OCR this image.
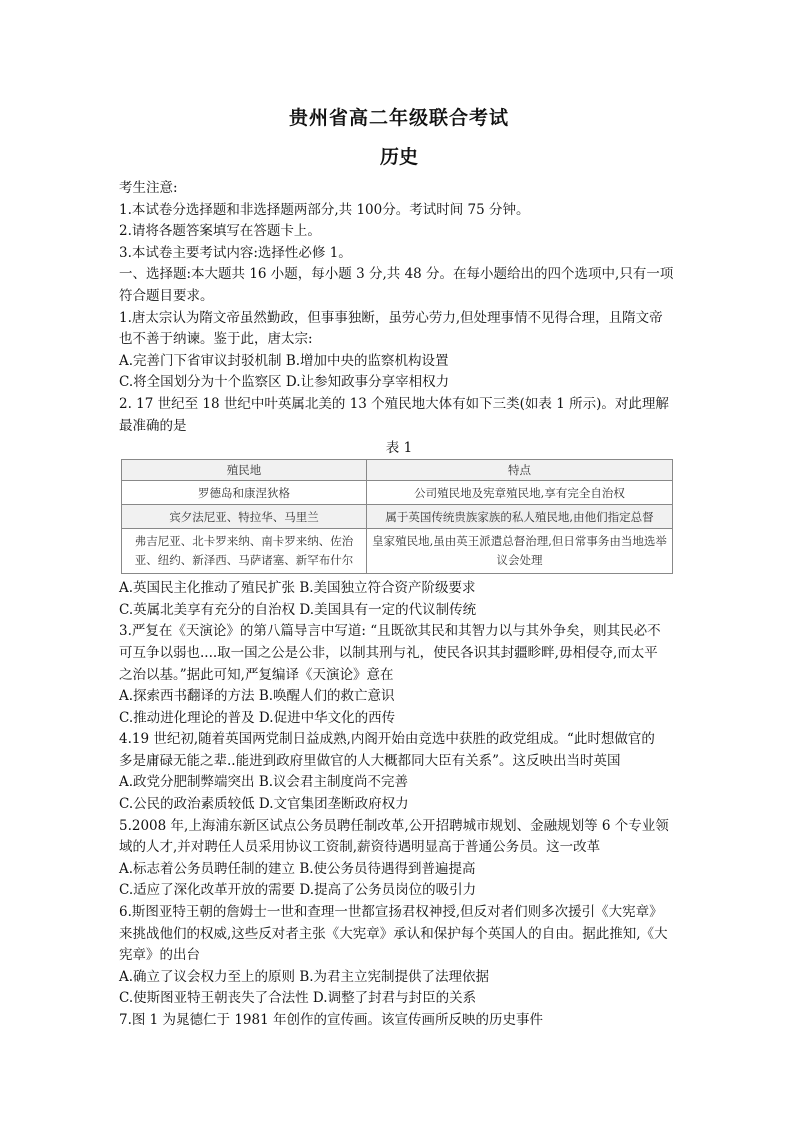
贵州省高二年级联合考试

历史

考生注意:

1.本试卷分选择题和非选择题两部分,共 100分。考试时间 75 分钟。

2.请将各题答案填写在答题卡上。

3.本试卷主要考试内容:选择性必修 1。

一、选择题:本大题共 16 小题，每小题 3 分,共 48 分。在每小题给出的四个选项中,只有一项

符合题目要求。

1.唐太宗认为隋文帝虽然勤政，但事事独断，虽劳心劳力,但处理事情不见得合理，且隋文帝

也不善于纳谏。鉴于此，唐太宗:

A.完善门下省审议封驳机制 B.增加中央的监察机构设置

C.将全国划分为十个监察区 D.让参知政事分享宰相权力

2. 17 世纪至 18 世纪中叶英属北美的 13 个殖民地大体有如下三类(如表 1 所示)。对此理解

最准确的是

表 1

殖民地	特点
罗德岛和康涅狄格	公司殖民地及宪章殖民地,享有完全自治权
宾夕法尼亚、特拉华、马里兰	属于英国传统贵族家族的私人殖民地,由他们指定总督
弗吉尼亚、北卡罗来纳、南卡罗来纳、佐治亚、纽约、新泽西、马萨诸塞、新罕布什尔	皇家殖民地,虽由英王派遣总督治理,但日常事务由当地选举议会处理

A.英国民主化推动了殖民扩张 B.美国独立符合资产阶级要求

C.英属北美享有充分的自治权 D.美国具有一定的代议制传统

3.严复在《天演论》的第八篇导言中写道: “且既欲其民和其智力以与其外争矣，则其民必不

可互争以弱也....取一国之公是公非，以制其刑与礼，使民各识其封疆畛畔,毋相侵夺,而太平

之治以基。”据此可知,严复编译《天演论》意在

A.探索西书翻译的方法 B.唤醒人们的救亡意识

C.推动进化理论的普及 D.促进中华文化的西传

4.19 世纪初,随着英国两党制日益成熟,内阁开始由竞选中获胜的政党组成。“此时想做官的

多是庸碌无能之辈..能进到政府里做官的人大概都同大臣有关系”。这反映出当时英国

A.政党分肥制弊端突出 B.议会君主制度尚不完善

C.公民的政治素质较低 D.文官集团垄断政府权力

5.2008 年,上海浦东新区试点公务员聘任制改革,公开招聘城市规划、金融规划等 6 个专业领

域的人才,并对聘任人员采用协议工资制,薪资待遇明显高于普通公务员。这一改革

A.标志着公务员聘任制的建立 B.使公务员待遇得到普遍提高

C.适应了深化改革开放的需要 D.提高了公务员岗位的吸引力

6.斯图亚特王朝的詹姆士一世和查理一世都宣扬君权神授,但反对者们则多次援引《大宪章》

来挑战他们的权威,这些反对者主张《大宪章》承认和保护每个英国人的自由。据此推知,《大

宪章》的出台

A.确立了议会权力至上的原则 B.为君主立宪制提供了法理依据

C.使斯图亚特王朝丧失了合法性 D.调整了封君与封臣的关系

7.图 1 为晁德仁于 1981 年创作的宣传画。该宣传画所反映的历史事件
